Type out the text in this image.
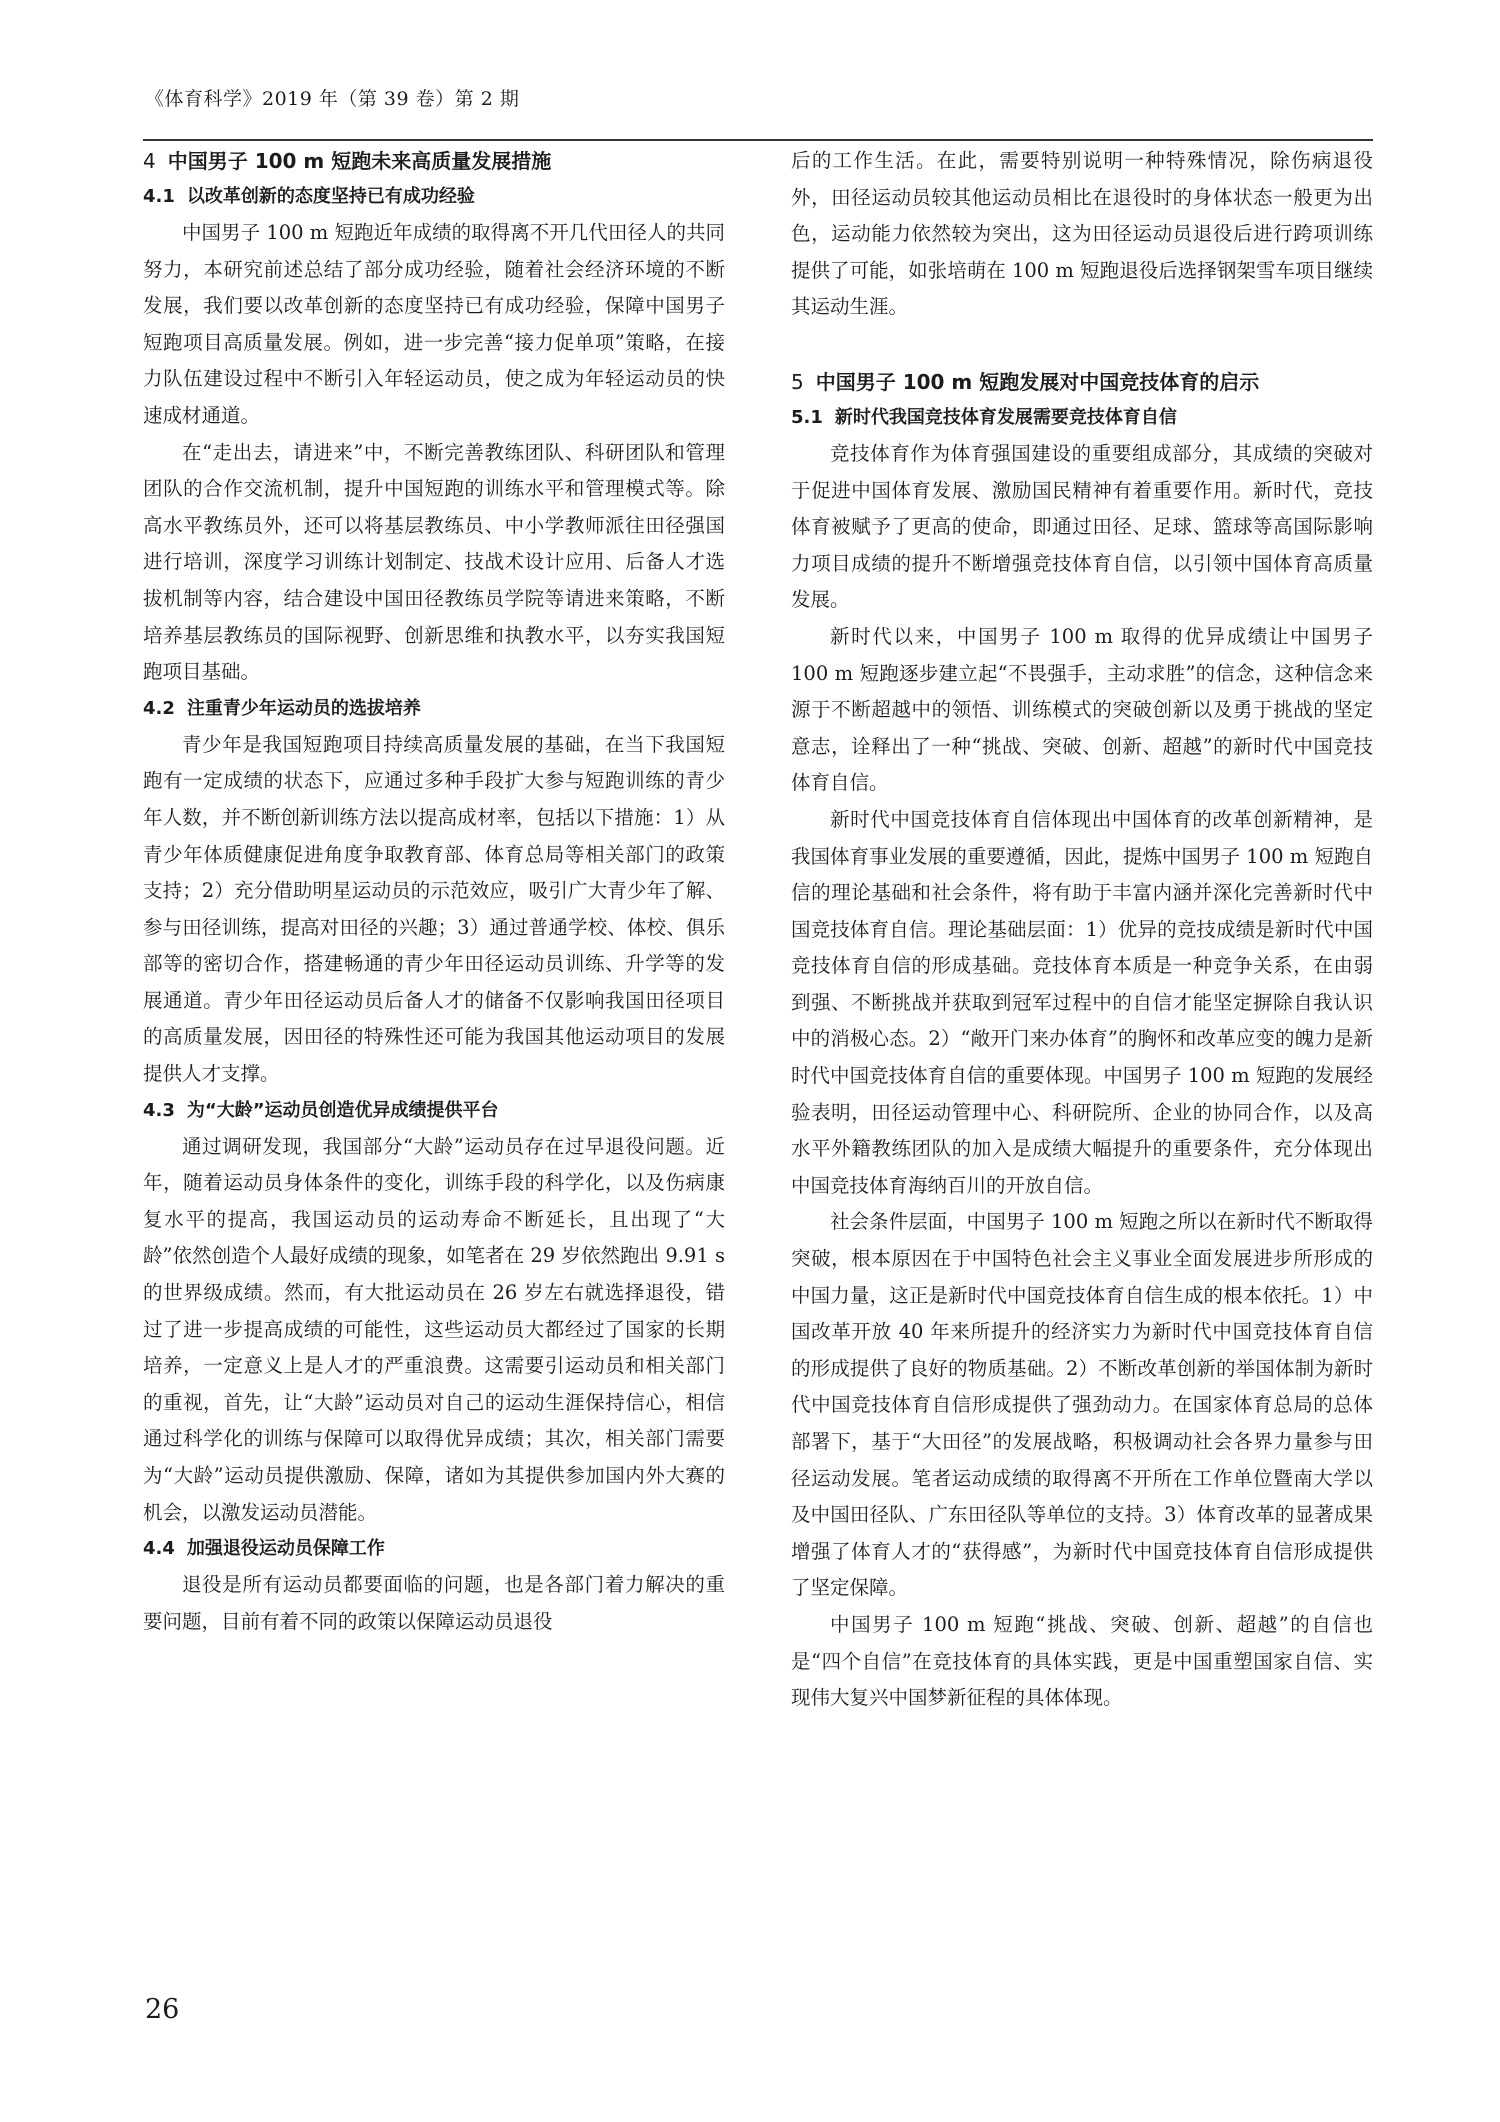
《体育科学》2019 年（第 39 卷）第 2 期
4 中国男子 100 m 短跑未来高质量发展措施
4.1 以改革创新的态度坚持已有成功经验

中国男子 100 m 短跑近年成绩的取得离不开几代田径人的共同努力，本研究前述总结了部分成功经验，随着社会经济环境的不断发展，我们要以改革创新的态度坚持已有成功经验，保障中国男子短跑项目高质量发展。例如，进一步完善“接力促单项”策略，在接力队伍建设过程中不断引入年轻运动员，使之成为年轻运动员的快速成材通道。

在“走出去，请进来”中，不断完善教练团队、科研团队和管理团队的合作交流机制，提升中国短跑的训练水平和管理模式等。除高水平教练员外，还可以将基层教练员、中小学教师派往田径强国进行培训，深度学习训练计划制定、技战术设计应用、后备人才选拔机制等内容，结合建设中国田径教练员学院等请进来策略，不断培养基层教练员的国际视野、创新思维和执教水平，以夯实我国短跑项目基础。

4.2 注重青少年运动员的选拔培养

青少年是我国短跑项目持续高质量发展的基础，在当下我国短跑有一定成绩的状态下，应通过多种手段扩大参与短跑训练的青少年人数，并不断创新训练方法以提高成材率，包括以下措施：1）从青少年体质健康促进角度争取教育部、体育总局等相关部门的政策支持；2）充分借助明星运动员的示范效应，吸引广大青少年了解、参与田径训练，提高对田径的兴趣；3）通过普通学校、体校、俱乐部等的密切合作，搭建畅通的青少年田径运动员训练、升学等的发展通道。青少年田径运动员后备人才的储备不仅影响我国田径项目的高质量发展，因田径的特殊性还可能为我国其他运动项目的发展提供人才支撑。

4.3 为“大龄”运动员创造优异成绩提供平台

通过调研发现，我国部分“大龄”运动员存在过早退役问题。近年，随着运动员身体条件的变化，训练手段的科学化，以及伤病康复水平的提高，我国运动员的运动寿命不断延长，且出现了“大龄”依然创造个人最好成绩的现象，如笔者在 29 岁依然跑出 9.91 s 的世界级成绩。然而，有大批运动员在 26 岁左右就选择退役，错过了进一步提高成绩的可能性，这些运动员大都经过了国家的长期培养，一定意义上是人才的严重浪费。这需要引运动员和相关部门的重视，首先，让“大龄”运动员对自己的运动生涯保持信心，相信通过科学化的训练与保障可以取得优异成绩；其次，相关部门需要为“大龄”运动员提供激励、保障，诸如为其提供参加国内外大赛的机会，以激发运动员潜能。

4.4 加强退役运动员保障工作

退役是所有运动员都要面临的问题，也是各部门着力解决的重要问题，目前有着不同的政策以保障运动员退役

后的工作生活。在此，需要特别说明一种特殊情况，除伤病退役外，田径运动员较其他运动员相比在退役时的身体状态一般更为出色，运动能力依然较为突出，这为田径运动员退役后进行跨项训练提供了可能，如张培萌在 100 m 短跑退役后选择钢架雪车项目继续其运动生涯。

5 中国男子 100 m 短跑发展对中国竞技体育的启示
5.1 新时代我国竞技体育发展需要竞技体育自信

竞技体育作为体育强国建设的重要组成部分，其成绩的突破对于促进中国体育发展、激励国民精神有着重要作用。新时代，竞技体育被赋予了更高的使命，即通过田径、足球、篮球等高国际影响力项目成绩的提升不断增强竞技体育自信，以引领中国体育高质量发展。

新时代以来，中国男子 100 m 取得的优异成绩让中国男子 100 m 短跑逐步建立起“不畏强手，主动求胜”的信念，这种信念来源于不断超越中的领悟、训练模式的突破创新以及勇于挑战的坚定意志，诠释出了一种“挑战、突破、创新、超越”的新时代中国竞技体育自信。

新时代中国竞技体育自信体现出中国体育的改革创新精神，是我国体育事业发展的重要遵循，因此，提炼中国男子 100 m 短跑自信的理论基础和社会条件，将有助于丰富内涵并深化完善新时代中国竞技体育自信。理论基础层面：1）优异的竞技成绩是新时代中国竞技体育自信的形成基础。竞技体育本质是一种竞争关系，在由弱到强、不断挑战并获取到冠军过程中的自信才能坚定摒除自我认识中的消极心态。2）“敞开门来办体育”的胸怀和改革应变的魄力是新时代中国竞技体育自信的重要体现。中国男子 100 m 短跑的发展经验表明，田径运动管理中心、科研院所、企业的协同合作，以及高水平外籍教练团队的加入是成绩大幅提升的重要条件，充分体现出中国竞技体育海纳百川的开放自信。

社会条件层面，中国男子 100 m 短跑之所以在新时代不断取得突破，根本原因在于中国特色社会主义事业全面发展进步所形成的中国力量，这正是新时代中国竞技体育自信生成的根本依托。1）中国改革开放 40 年来所提升的经济实力为新时代中国竞技体育自信的形成提供了良好的物质基础。2）不断改革创新的举国体制为新时代中国竞技体育自信形成提供了强劲动力。在国家体育总局的总体部署下，基于“大田径”的发展战略，积极调动社会各界力量参与田径运动发展。笔者运动成绩的取得离不开所在工作单位暨南大学以及中国田径队、广东田径队等单位的支持。3）体育改革的显著成果增强了体育人才的“获得感”，为新时代中国竞技体育自信形成提供了坚定保障。

中国男子 100 m 短跑“挑战、突破、创新、超越”的自信也是“四个自信”在竞技体育的具体实践，更是中国重塑国家自信、实现伟大复兴中国梦新征程的具体体现。

26
